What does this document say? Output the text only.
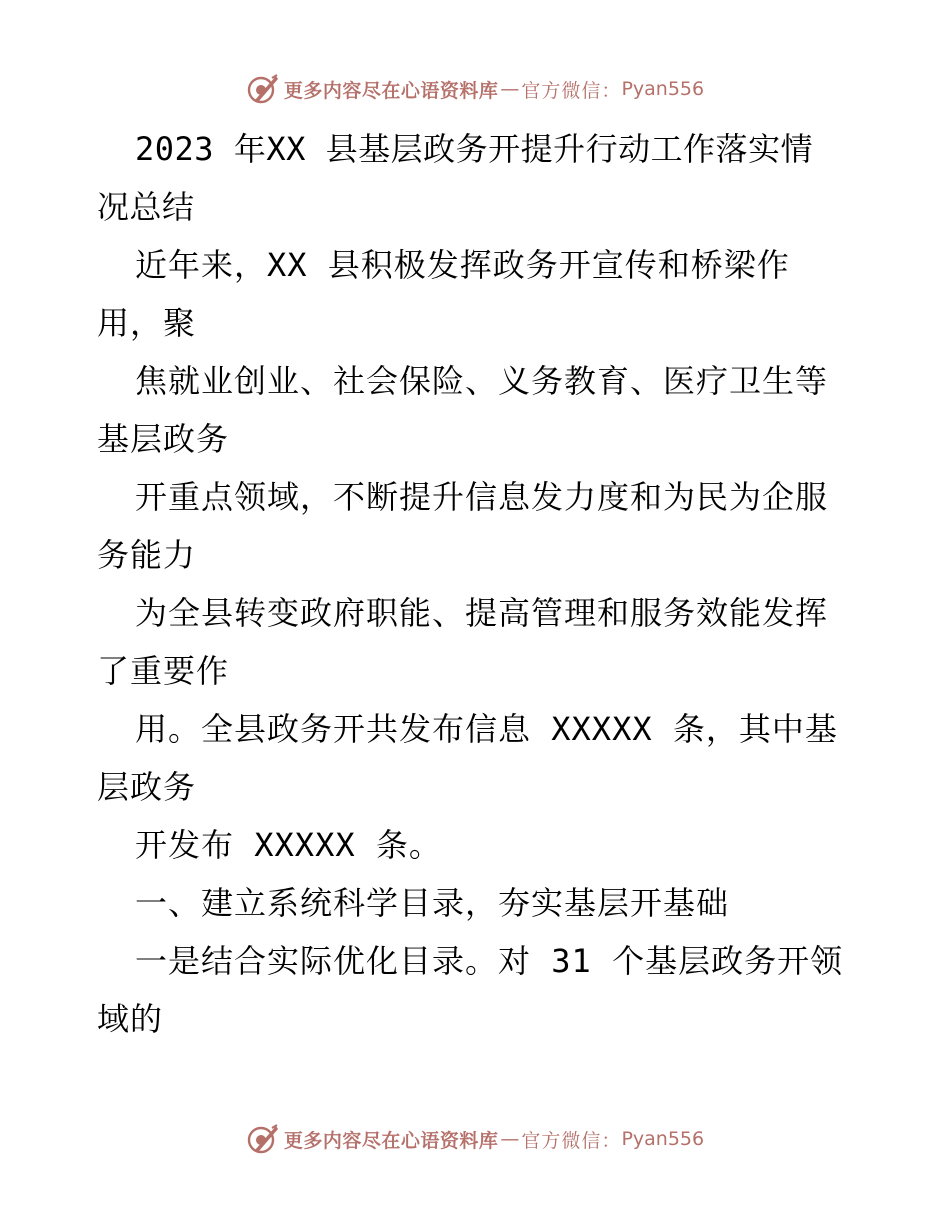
更多内容尽在心语资料库 — 官方微信： Pyan556
2023 年XX 县基层政务开提升行动工作落实情
况总结
近年来，XX 县积极发挥政务开宣传和桥梁作
用，聚
焦就业创业、社会保险、义务教育、医疗卫生等
基层政务
开重点领域，不断提升信息发力度和为民为企服
务能力
为全县转变政府职能、提高管理和服务效能发挥
了重要作
用。全县政务开共发布信息 XXXXX 条，其中基
层政务
开发布 XXXXX 条。
一、建立系统科学目录，夯实基层开基础
一是结合实际优化目录。对 31 个基层政务开领
域的
更多内容尽在心语资料库 — 官方微信： Pyan556
